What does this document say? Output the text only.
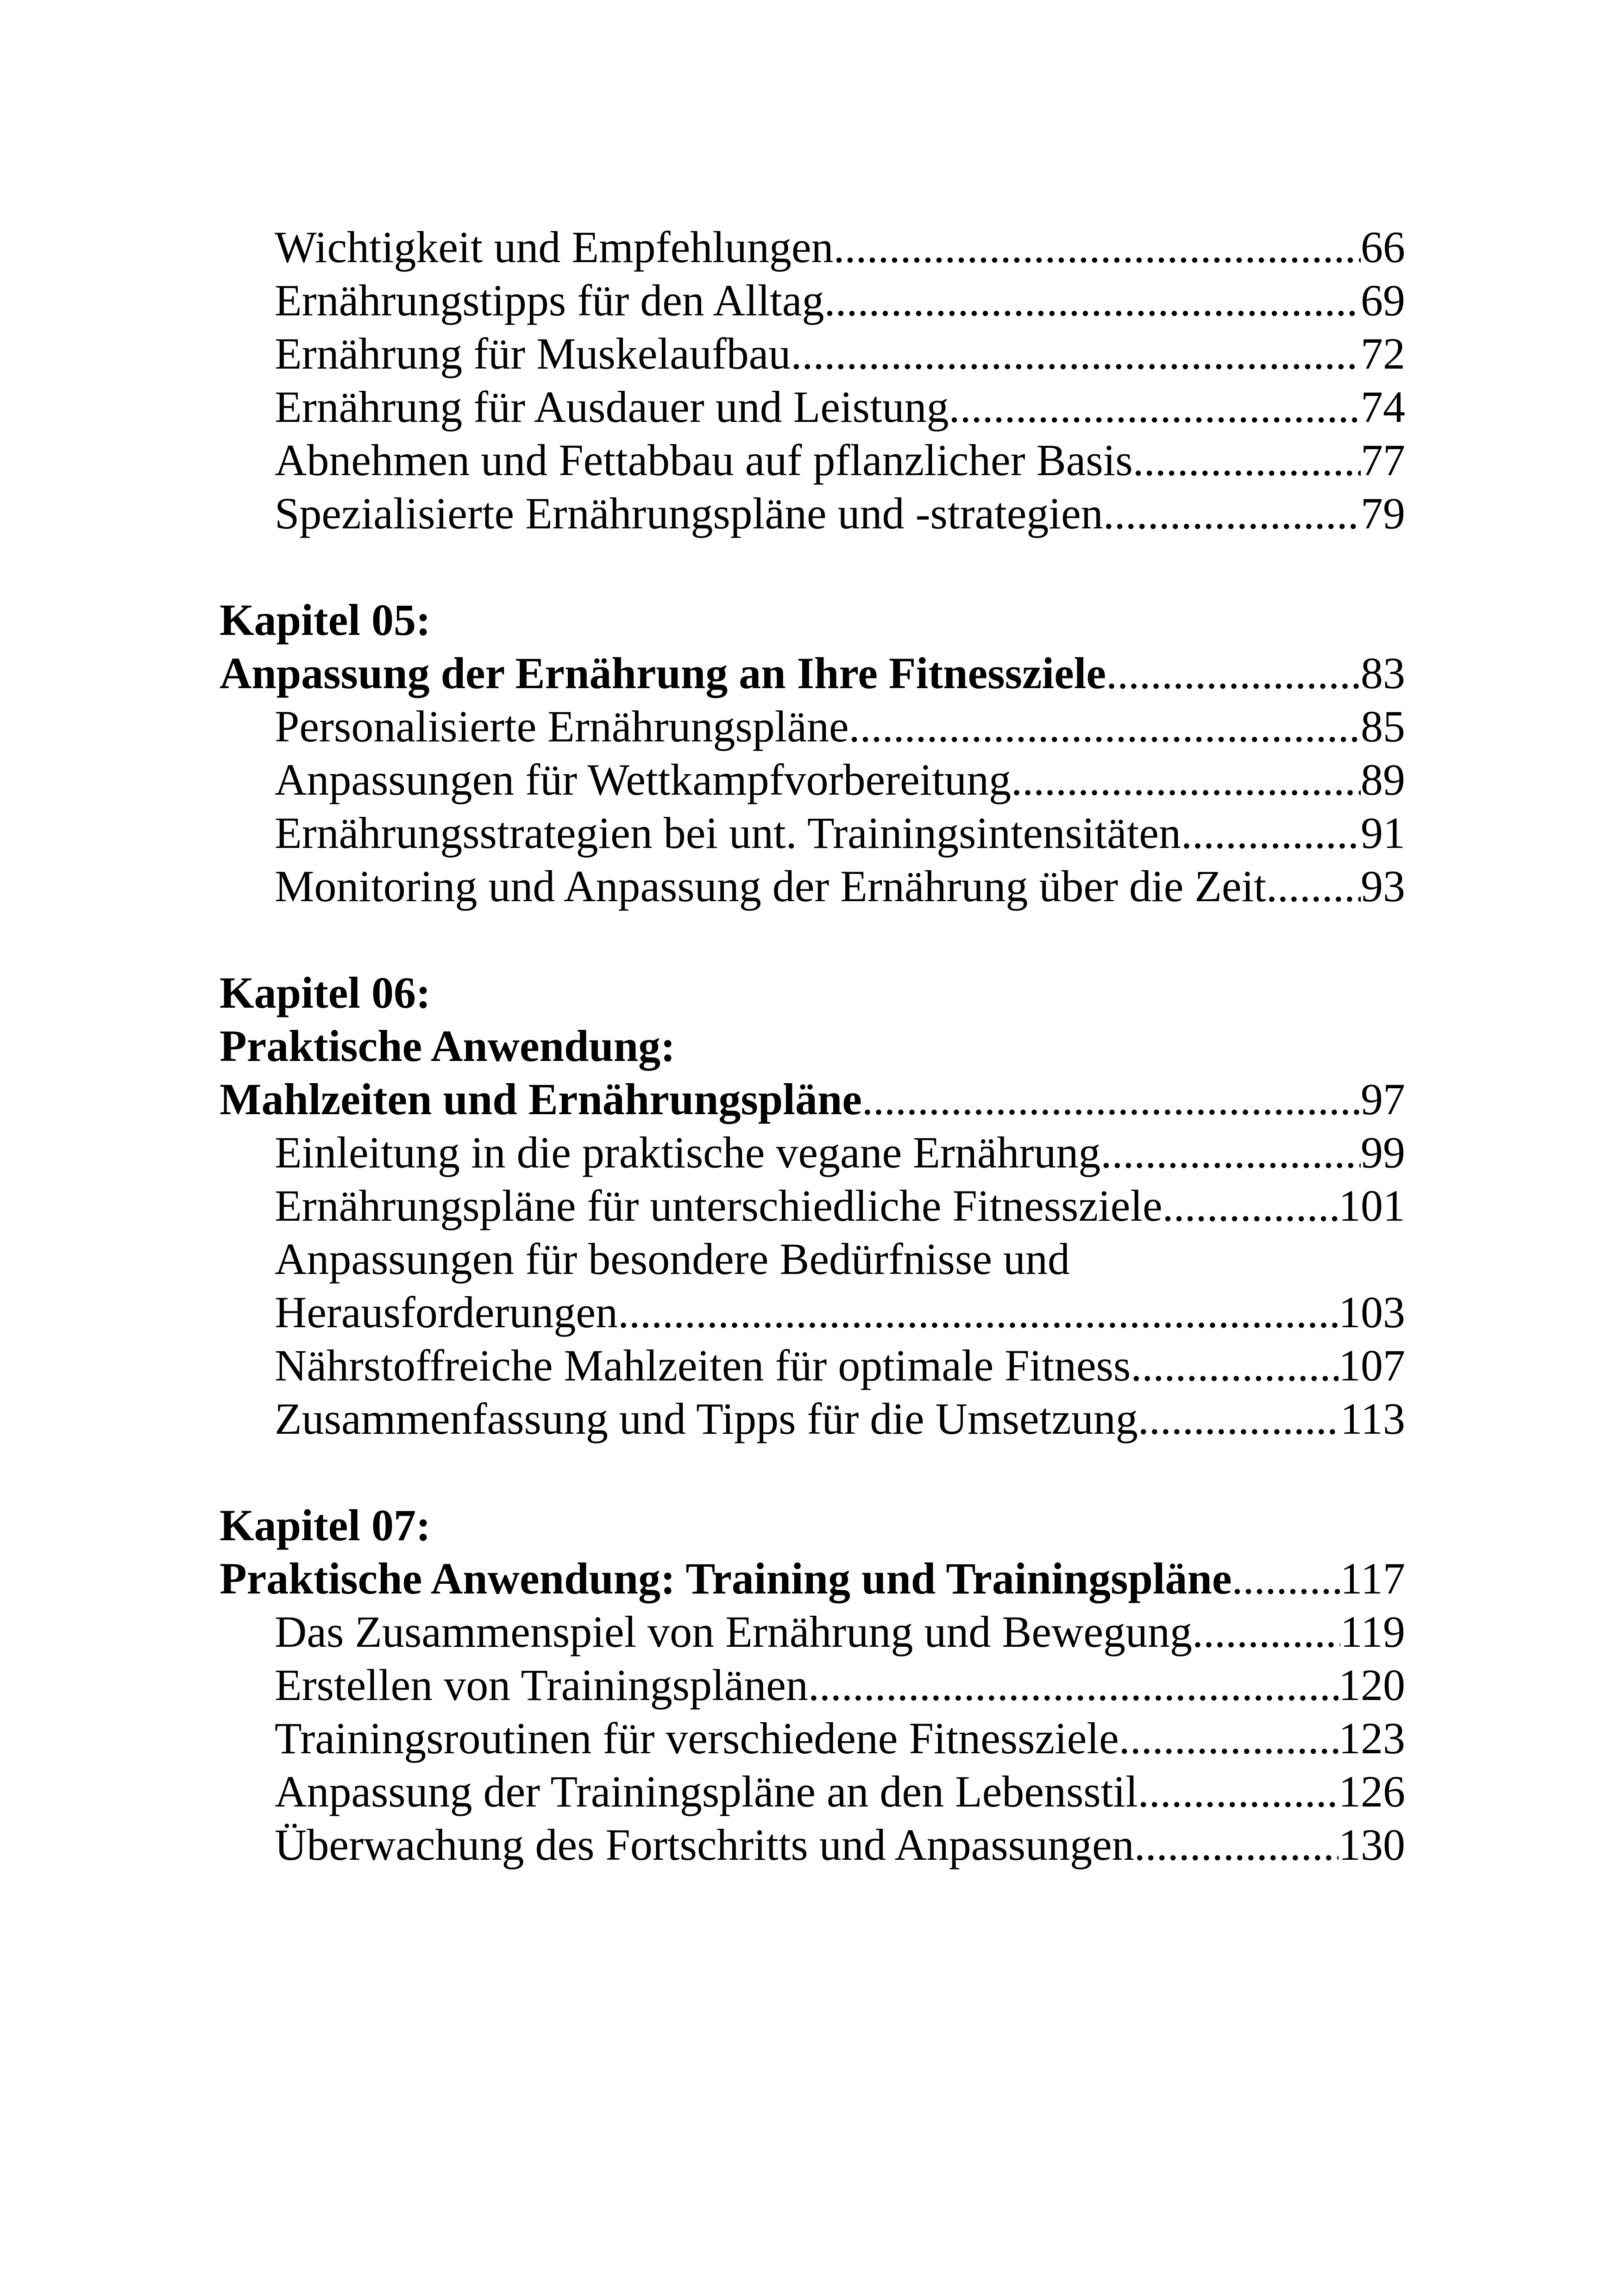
Wichtigkeit und Empfehlungen .....	66
Ernährungstipps für den Alltag .....	69
Ernährung für Muskelaufbau .....	72
Ernährung für Ausdauer und Leistung .....	74
Abnehmen und Fettabbau auf pflanzlicher Basis .....	77
Spezialisierte Ernährungspläne und -strategien .....	79
Kapitel 05:
Anpassung der Ernährung an Ihre Fitnessziele .....	83
Personalisierte Ernährungspläne .....	85
Anpassungen für Wettkampfvorbereitung .....	89
Ernährungsstrategien bei unt. Trainingsintensitäten .....	91
Monitoring und Anpassung der Ernährung über die Zeit ..... 93
Kapitel 06:
Praktische Anwendung:
Mahlzeiten und Ernährungspläne .....	97
Einleitung in die praktische vegane Ernährung .....	99
Ernährungspläne für unterschiedliche Fitnessziele .....	101
Anpassungen für besondere Bedürfnisse und
Herausforderungen .....	103
Nährstoffreiche Mahlzeiten für optimale Fitness .....	107
Zusammenfassung und Tipps für die Umsetzung .....	113
Kapitel 07:
Praktische Anwendung: Training und Trainingspläne ..... 117
Das Zusammenspiel von Ernährung und Bewegung .....	119
Erstellen von Trainingsplänen .....	120
Trainingsroutinen für verschiedene Fitnessziele .....	123
Anpassung der Trainingspläne an den Lebensstil .....	126
Überwachung des Fortschritts und Anpassungen .....	130
